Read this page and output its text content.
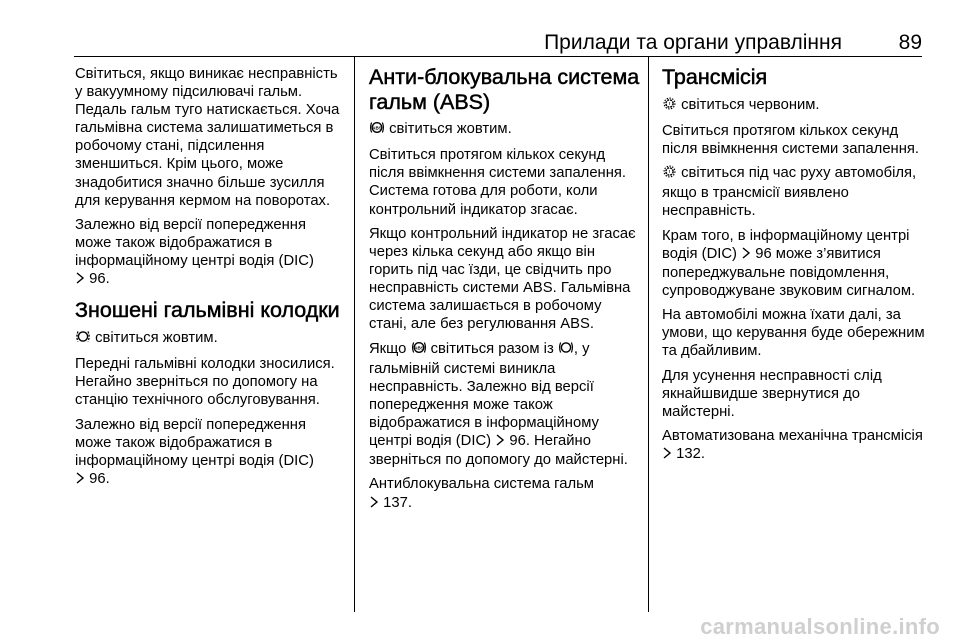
Прилади та органи управління	89

Світиться, якщо виникає несправність у вакуумному підсилювачі гальм. Педаль гальм туго натискається. Хоча гальмівна система залишатиметься в робочому стані, підсилення зменшиться. Крім цього, може знадобитися значно більше зусилля для керування кермом на поворотах.

Залежно від версії попередження може також відображатися в інформаційному центрі водія (DIC)
96.

Зношені гальмівні колодки

світиться жовтим.

Передні гальмівні колодки зносилися. Негайно зверніться по допомогу на станцію технічного обслуговування.

Залежно від версії попередження може також відображатися в інформаційному центрі водія (DIC)
96.

Анти-блокувальна система гальм (ABS)

ABS світиться жовтим.

Світиться протягом кількох секунд після ввімкнення системи запалення. Система готова для роботи, коли контрольний індикатор згасає.

Якщо контрольний індикатор не згасає через кілька секунд або якщо він горить під час їзди, це свідчить про несправність системи ABS. Гальмівна система залишається в робочому стані, але без регулювання ABS.

Якщо ABS світиться разом із , у гальмівній системі виникла несправність. Залежно від версії попередження може також відображатися в інформаційному центрі водія (DIC) 96. Негайно зверніться по допомогу до майстерні.

Антиблокувальна система гальм
137.

Трансмісія

! світиться червоним.

Світиться протягом кількох секунд після ввімкнення системи запалення.

! світиться під час руху автомобіля, якщо в трансмісії виявлено несправність.

Крам того, в інформаційному центрі водія (DIC) 96 може з’явитися попереджувальне повідомлення, супроводжуване звуковим сигналом.

На автомобілі можна їхати далі, за умови, що керування буде обережним та дбайливим.

Для усунення несправності слід якнайшвидше звернутися до майстерні.

Автоматизована механічна трансмісія
132.

carmanualsonline.info
